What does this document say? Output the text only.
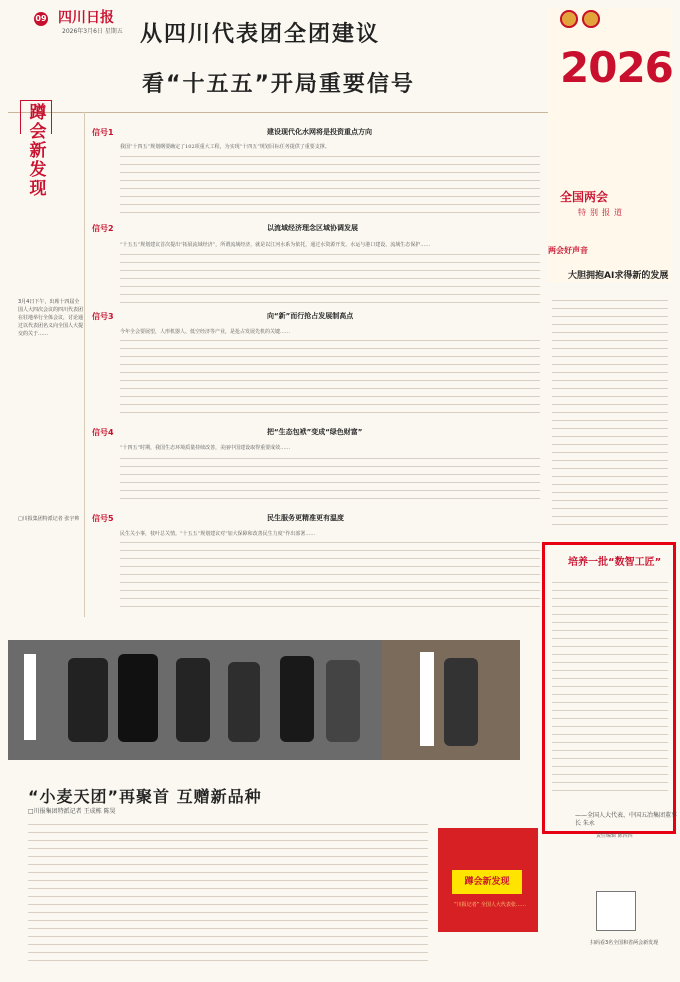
09 四川日报
2026年3月6日 星期五 从四川代表团全团建议
看“十五五”开局重要信号
蹲会新发现
3月4日下午，出席十四届全国人大四次会议的四川代表团在驻地举行全体会议，讨论通过以代表团名义向全国人大提交的关于……
□川报集团特派记者 张宇帅
信号1	建设现代化水网将是投资重点方向
我国“十四五”规划纲要确定了102项重大工程，为实现“十四五”规划目标任务提供了重要支撑。
信号2	以流域经济理念区域协调发展
“十五五”规划建议首次提出“拓展流域经济”，所谓流域经济，就是以江河水系为依托，通过水资源开发、水运与港口建设、流域生态保护……
信号3	向“新”而行抢占发展制高点
今年全会要展望，人形机器人、低空经济等产业，是抢占发展先机的关键……
信号4	把“生态包袱”变成“绿色财富”
“十四五”时期，我国生态环境质量持续改善，美丽中国建设取得重要成效……
信号5	民生服务更精准更有温度
民生关小事，枝叶总关情。“十五五”规划建议对“加大保障和改善民生力度”作出部署……
2026
全国两会
特别报道
两会好声音
大胆拥抱AI求得新的发展
培养一批“数智工匠”
——全国人大代表、中国五冶集团董事长 朱永
“小麦天团”再聚首 互赠新品种
□川报集团特派记者 王成栋 陈昊
蹲会新发现
“川报记者” 全国人大代表张……
扫码看3名全国和省两会新发现
责任编辑 陈四四
